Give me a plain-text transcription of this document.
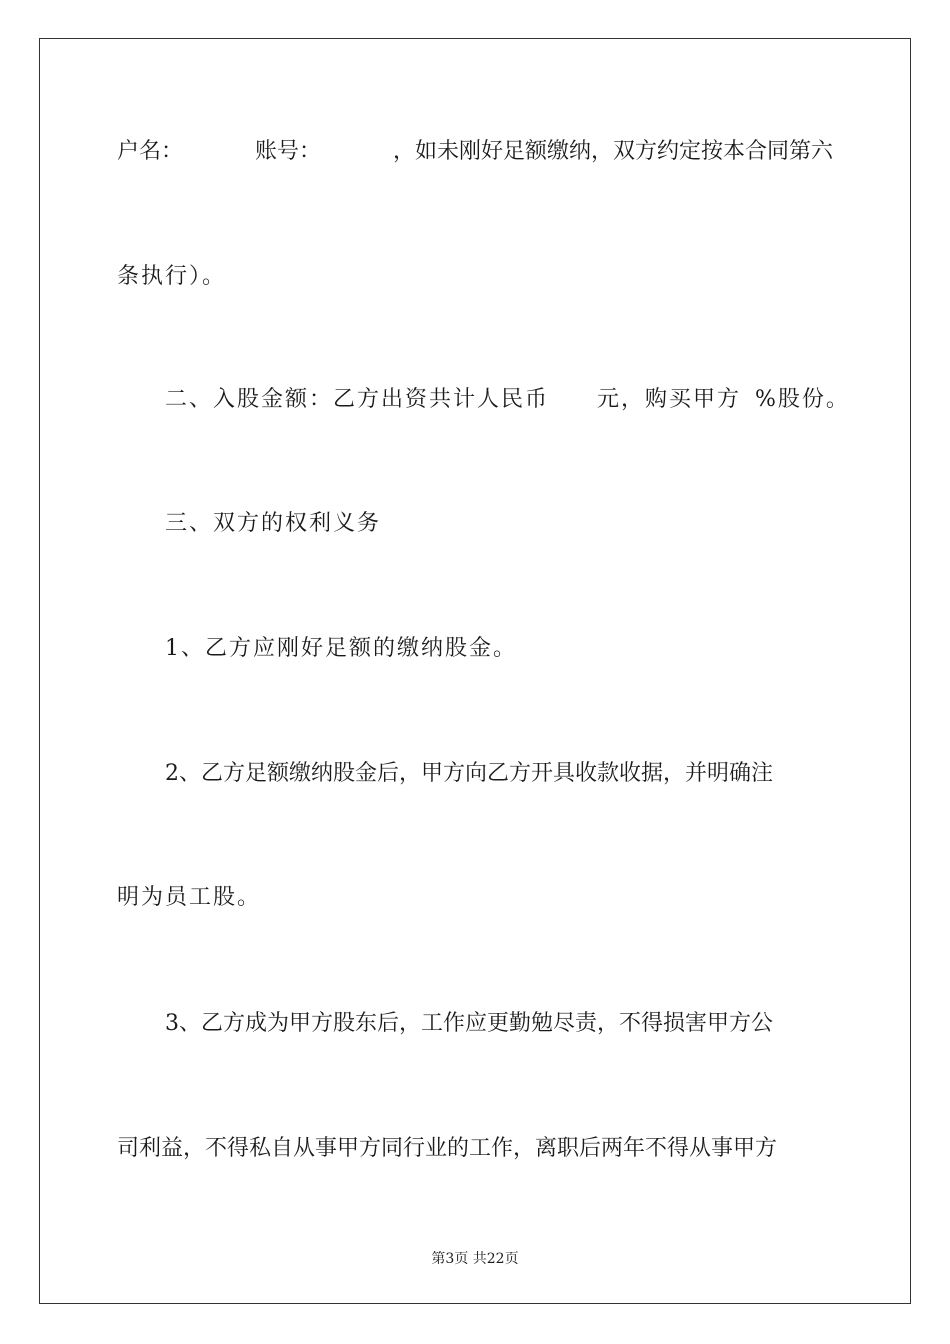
户名：	账号：	，如未刚好足额缴纳，双方约定按本合同第六
条执行）。
二、入股金额：乙方出资共计人民币 元，购买甲方 %股份。
三、双方的权利义务
1、乙方应刚好足额的缴纳股金。
2、乙方足额缴纳股金后，甲方向乙方开具收款收据，并明确注
明为员工股。
3、乙方成为甲方股东后，工作应更勤勉尽责，不得损害甲方公
司利益，不得私自从事甲方同行业的工作，离职后两年不得从事甲方
第3页 共22页
